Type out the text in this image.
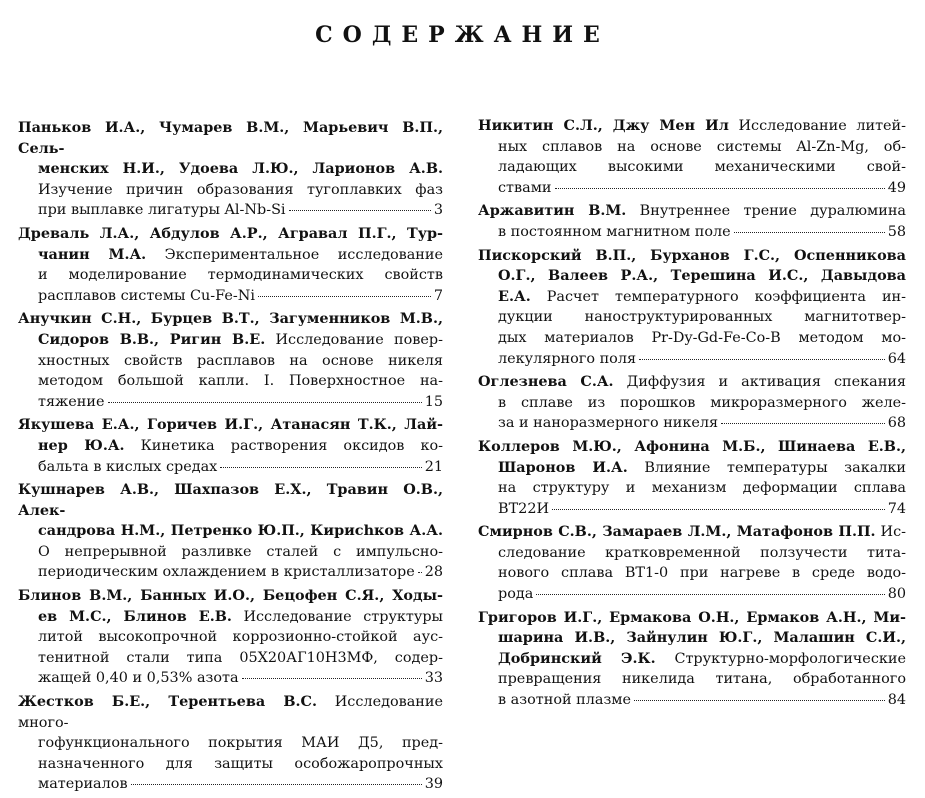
СОДЕРЖАНИЕ
Паньков И.А., Чумарев В.М., Марьевич В.П., Сель-
менских Н.И., Удоева Л.Ю., Ларионов А.В.
Изучение причин образования тугоплавких фаз
при выплавке лигатуры Al-Nb-Si	3
Древаль Л.А., Абдулов А.Р., Агравал П.Г., Тур-
чанин М.А. Экспериментальное исследование
и моделирование термодинамических свойств
расплавов системы Cu-Fe-Ni	7
Анучкин С.Н., Бурцев В.Т., Загуменников М.В.,
Сидоров В.В., Ригин В.Е. Исследование повер-
хностных свойств расплавов на основе никеля
методом большой капли. I. Поверхностное на-
тяжение	15
Якушева Е.А., Горичев И.Г., Атанасян Т.К., Лай-
нер Ю.А. Кинетика растворения оксидов ко-
бальта в кислых средах	21
Кушнарев А.В., Шахпазов Е.Х., Травин О.В., Алек-
сандрова Н.М., Петренко Ю.П., Кириchков А.А.
О непрерывной разливке сталей с импульсно-
периодическим охлаждением в кристаллизаторе 28
Блинов В.М., Банных И.О., Бецофен С.Я., Ходы-
ев М.С., Блинов Е.В. Исследование структуры
литой высокопрочной коррозионно-стойкой аус-
тенитной стали типа 05Х20АГ10Н3МФ, содер-
жащей 0,40 и 0,53% азота	33
Жестков Б.Е., Терентьева В.С. Исследование много-
гофункционального покрытия МАИ Д5, пред-
назначенного для защиты особожаропрочных
материалов	39
Никитин С.Л., Джу Мен Ил Исследование литей-
ных сплавов на основе системы Al-Zn-Mg, об-
ладающих высокими механическими свой-
ствами	49
Аржавитин В.М. Внутреннее трение дуралюмина
в постоянном магнитном поле	58
Пискорский В.П., Бурханов Г.С., Оспенникова
О.Г., Валеев Р.А., Терешина И.С., Давыдова
Е.А. Расчет температурного коэффициента ин-
дукции наноструктурированных магнитотвер-
дых материалов Pr-Dy-Gd-Fe-Co-B методом мо-
лекулярного поля	64
Оглезнева С.А. Диффузия и активация спекания
в сплаве из порошков микроразмерного желе-
за и наноразмерного никеля	68
Коллеров М.Ю., Афонина М.Б., Шинаева Е.В.,
Шаронов И.А. Влияние температуры закалки
на структуру и механизм деформации сплава
ВТ22И	74
Смирнов С.В., Замараев Л.М., Матафонов П.П. Ис-
следование кратковременной ползучести тита-
нового сплава ВТ1-0 при нагреве в среде водо-
рода	80
Григоров И.Г., Ермакова О.Н., Ермаков А.Н., Ми-
шарина И.В., Зайнулин Ю.Г., Малашин С.И.,
Добринский Э.К. Структурно-морфологические
превращения никелида титана, обработанного
в азотной плазме	84
